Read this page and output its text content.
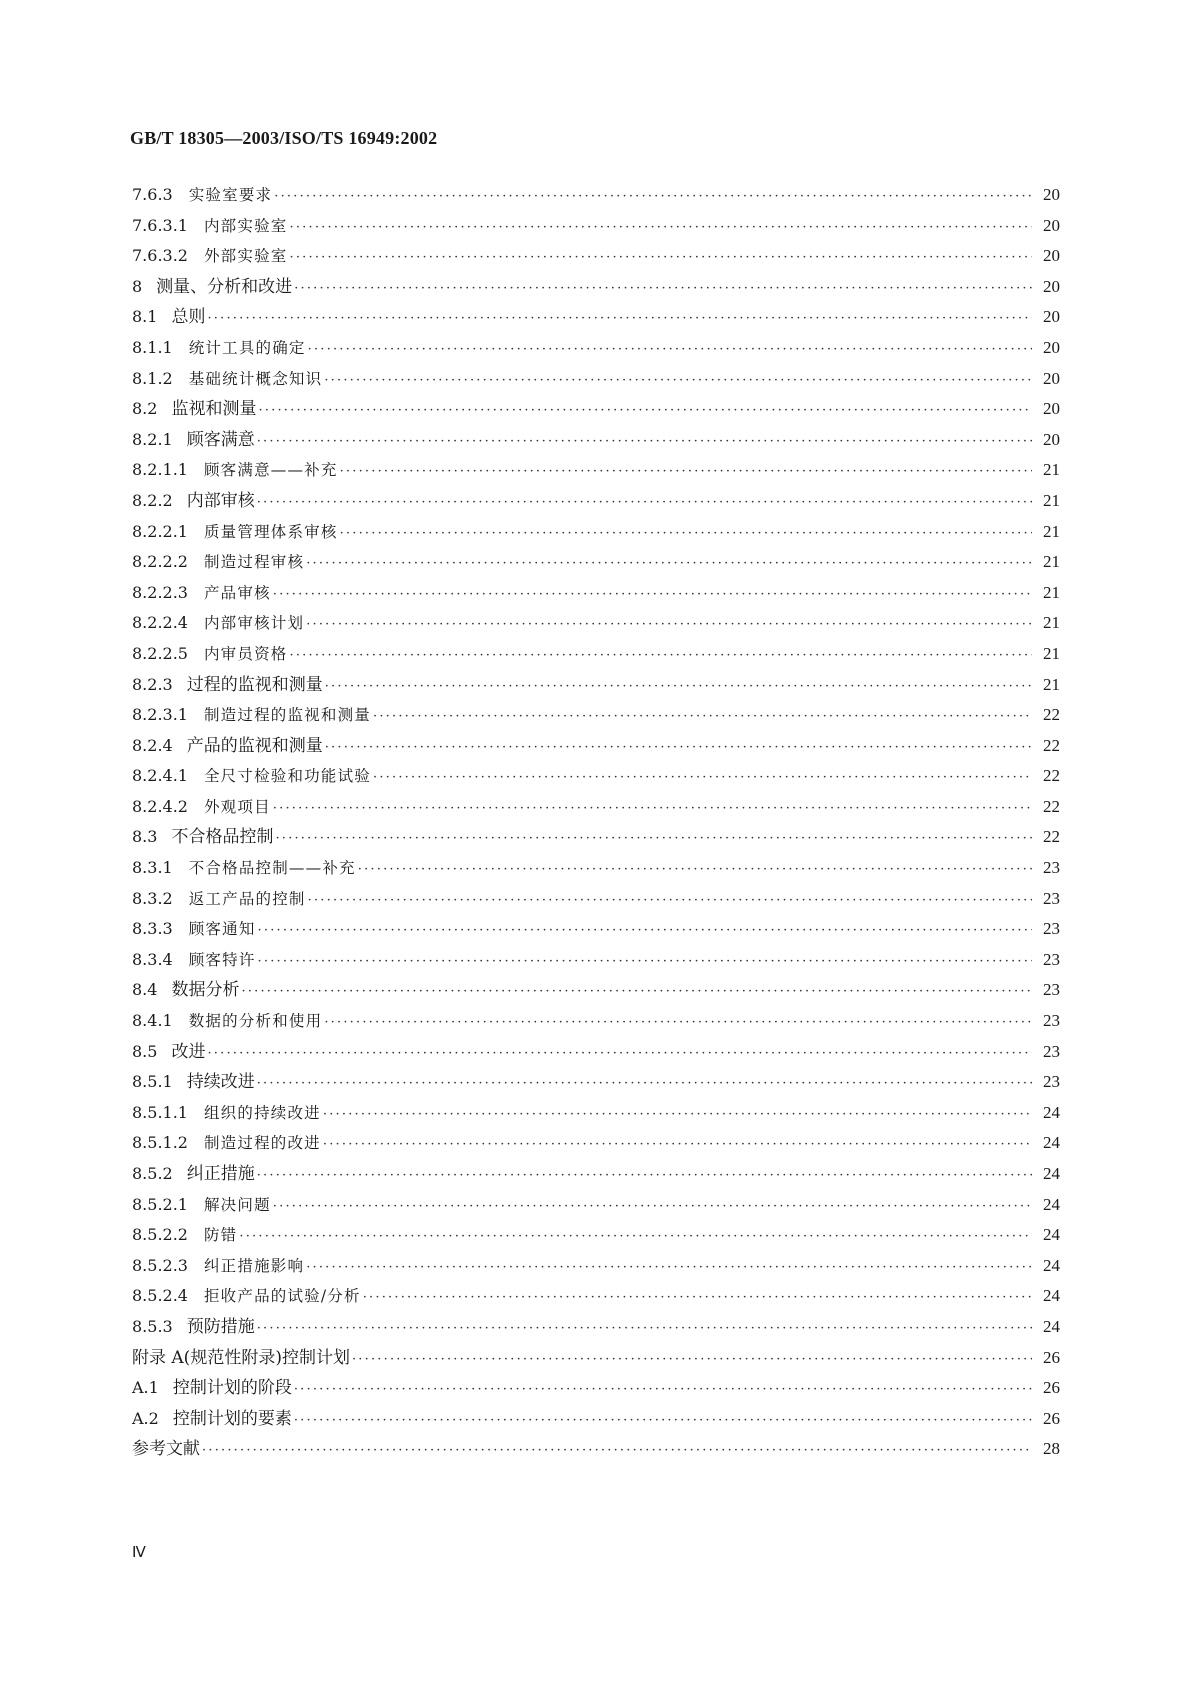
GB/T 18305—2003/ISO/TS 16949:2002
7.6.3 实验室要求 ·····	20
7.6.3.1 内部实验室 ·····	20
7.6.3.2 外部实验室 ·····	20
8 测量、分析和改进 ·····	20
8.1 总则 ·····	20
8.1.1 统计工具的确定 ·····	20
8.1.2 基础统计概念知识 ·····	20
8.2 监视和测量 ·····	20
8.2.1 顾客满意 ·····	20
8.2.1.1 顾客满意——补充 ·····	21
8.2.2 内部审核 ·····	21
8.2.2.1 质量管理体系审核 ·····	21
8.2.2.2 制造过程审核 ·····	21
8.2.2.3 产品审核 ·····	21
8.2.2.4 内部审核计划 ·····	21
8.2.2.5 内审员资格 ·····	21
8.2.3 过程的监视和测量 ·····	21
8.2.3.1 制造过程的监视和测量 ·····	22
8.2.4 产品的监视和测量 ·····	22
8.2.4.1 全尺寸检验和功能试验 ·····	22
8.2.4.2 外观项目 ·····	22
8.3 不合格品控制 ·····	22
8.3.1 不合格品控制——补充 ·····	23
8.3.2 返工产品的控制 ·····	23
8.3.3 顾客通知 ·····	23
8.3.4 顾客特许 ·····	23
8.4 数据分析 ·····	23
8.4.1 数据的分析和使用 ·····	23
8.5 改进 ·····	23
8.5.1 持续改进 ·····	23
8.5.1.1 组织的持续改进 ·····	24
8.5.1.2 制造过程的改进 ·····	24
8.5.2 纠正措施 ·····	24
8.5.2.1 解决问题 ·····	24
8.5.2.2 防错 ·····	24
8.5.2.3 纠正措施影响 ·····	24
8.5.2.4 拒收产品的试验/分析 ·····	24
8.5.3 预防措施 ·····	24
附录 A(规范性附录)控制计划 ·····	26
A.1 控制计划的阶段 ·····	26
A.2 控制计划的要素 ·····	26
参考文献 ·····	28
Ⅳ
